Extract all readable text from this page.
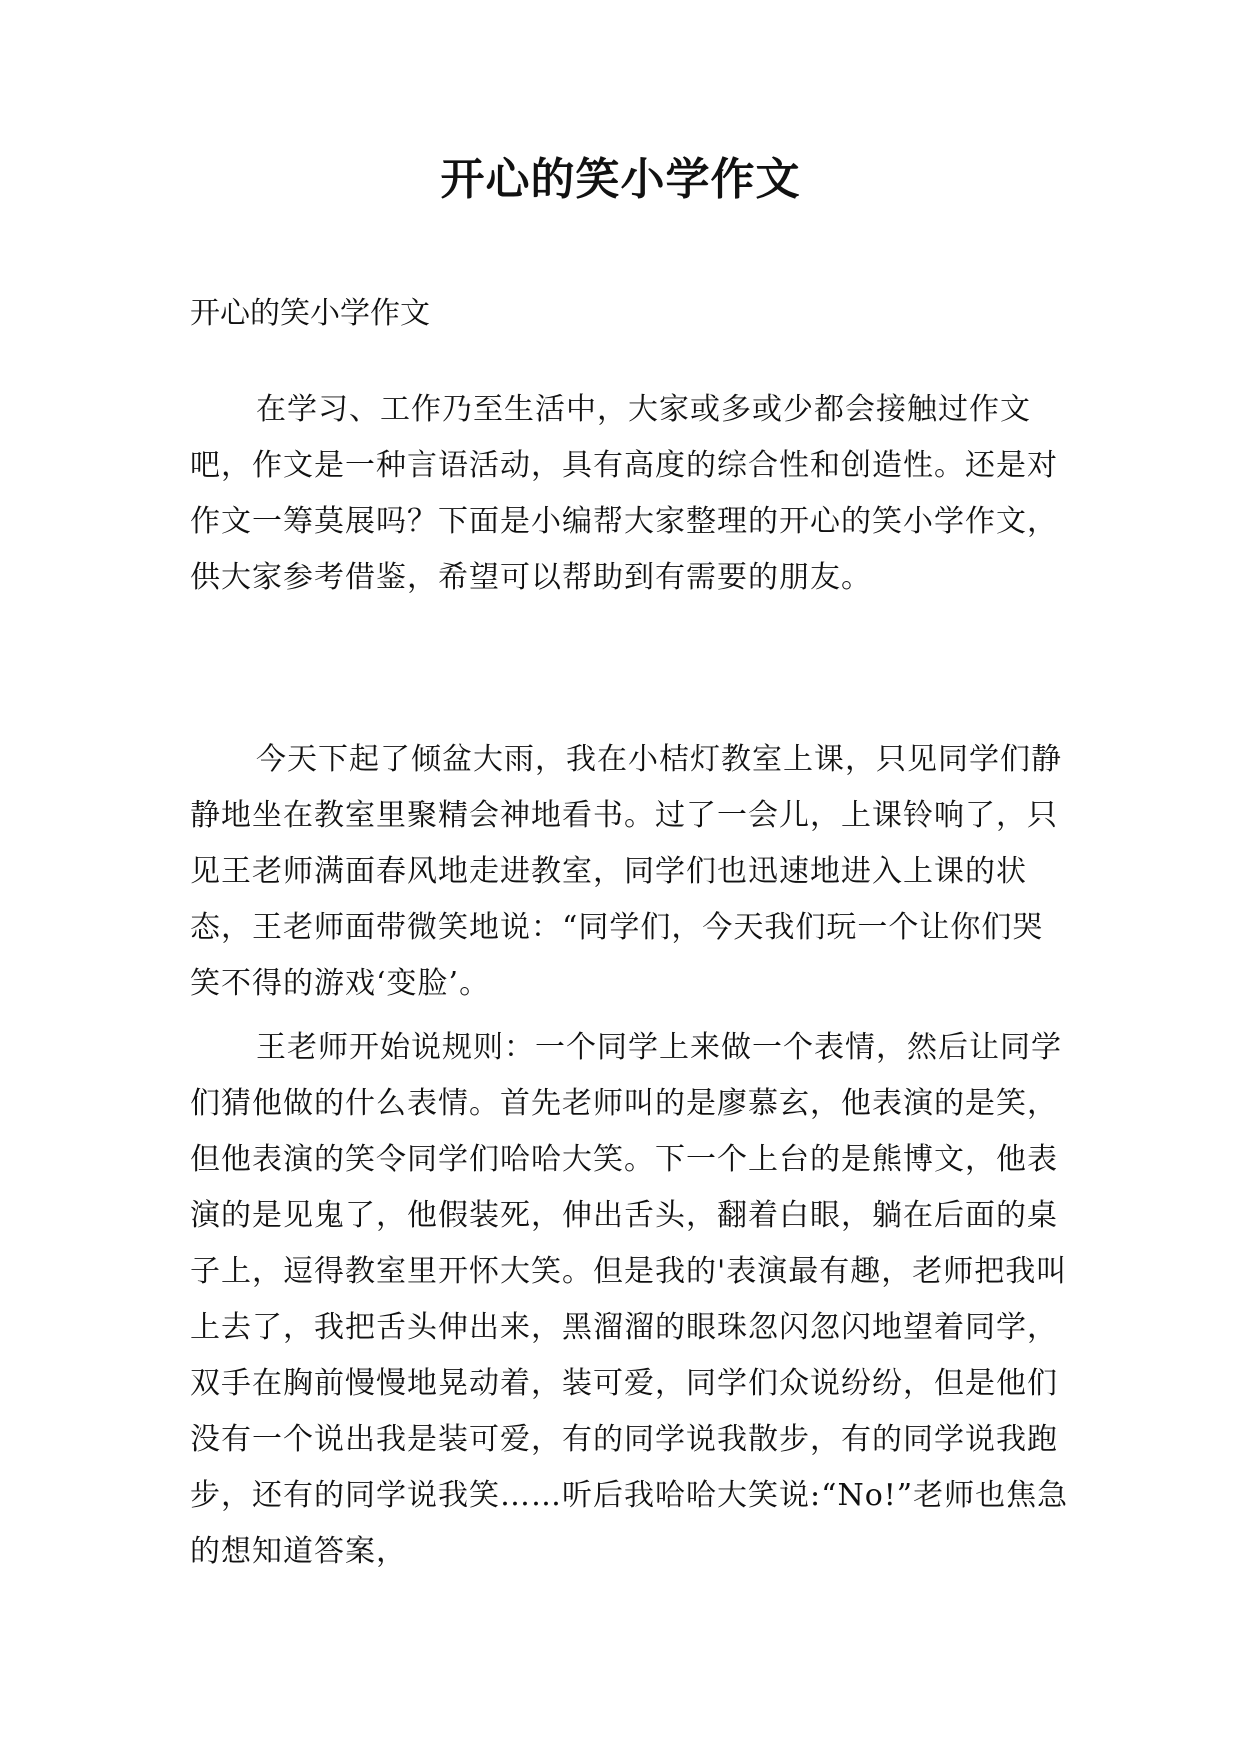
开心的笑小学作文
开心的笑小学作文

在学习、工作乃至生活中，大家或多或少都会接触过作文吧，作文是一种言语活动，具有高度的综合性和创造性。还是对作文一筹莫展吗？下面是小编帮大家整理的开心的笑小学作文，供大家参考借鉴，希望可以帮助到有需要的朋友。

今天下起了倾盆大雨，我在小桔灯教室上课，只见同学们静静地坐在教室里聚精会神地看书。过了一会儿，上课铃响了，只见王老师满面春风地走进教室，同学们也迅速地进入上课的状态，王老师面带微笑地说：“同学们，今天我们玩一个让你们哭笑不得的游戏‘变脸’。

王老师开始说规则：一个同学上来做一个表情，然后让同学们猜他做的什么表情。首先老师叫的是廖慕玄，他表演的是笑，但他表演的笑令同学们哈哈大笑。下一个上台的是熊博文，他表演的是见鬼了，他假装死，伸出舌头，翻着白眼，躺在后面的桌子上，逗得教室里开怀大笑。但是我的'表演最有趣，老师把我叫上去了，我把舌头伸出来，黑溜溜的眼珠忽闪忽闪地望着同学，双手在胸前慢慢地晃动着，装可爱，同学们众说纷纷，但是他们没有一个说出我是装可爱，有的同学说我散步，有的同学说我跑步，还有的同学说我笑……听后我哈哈大笑说:“No!”老师也焦急的想知道答案，
